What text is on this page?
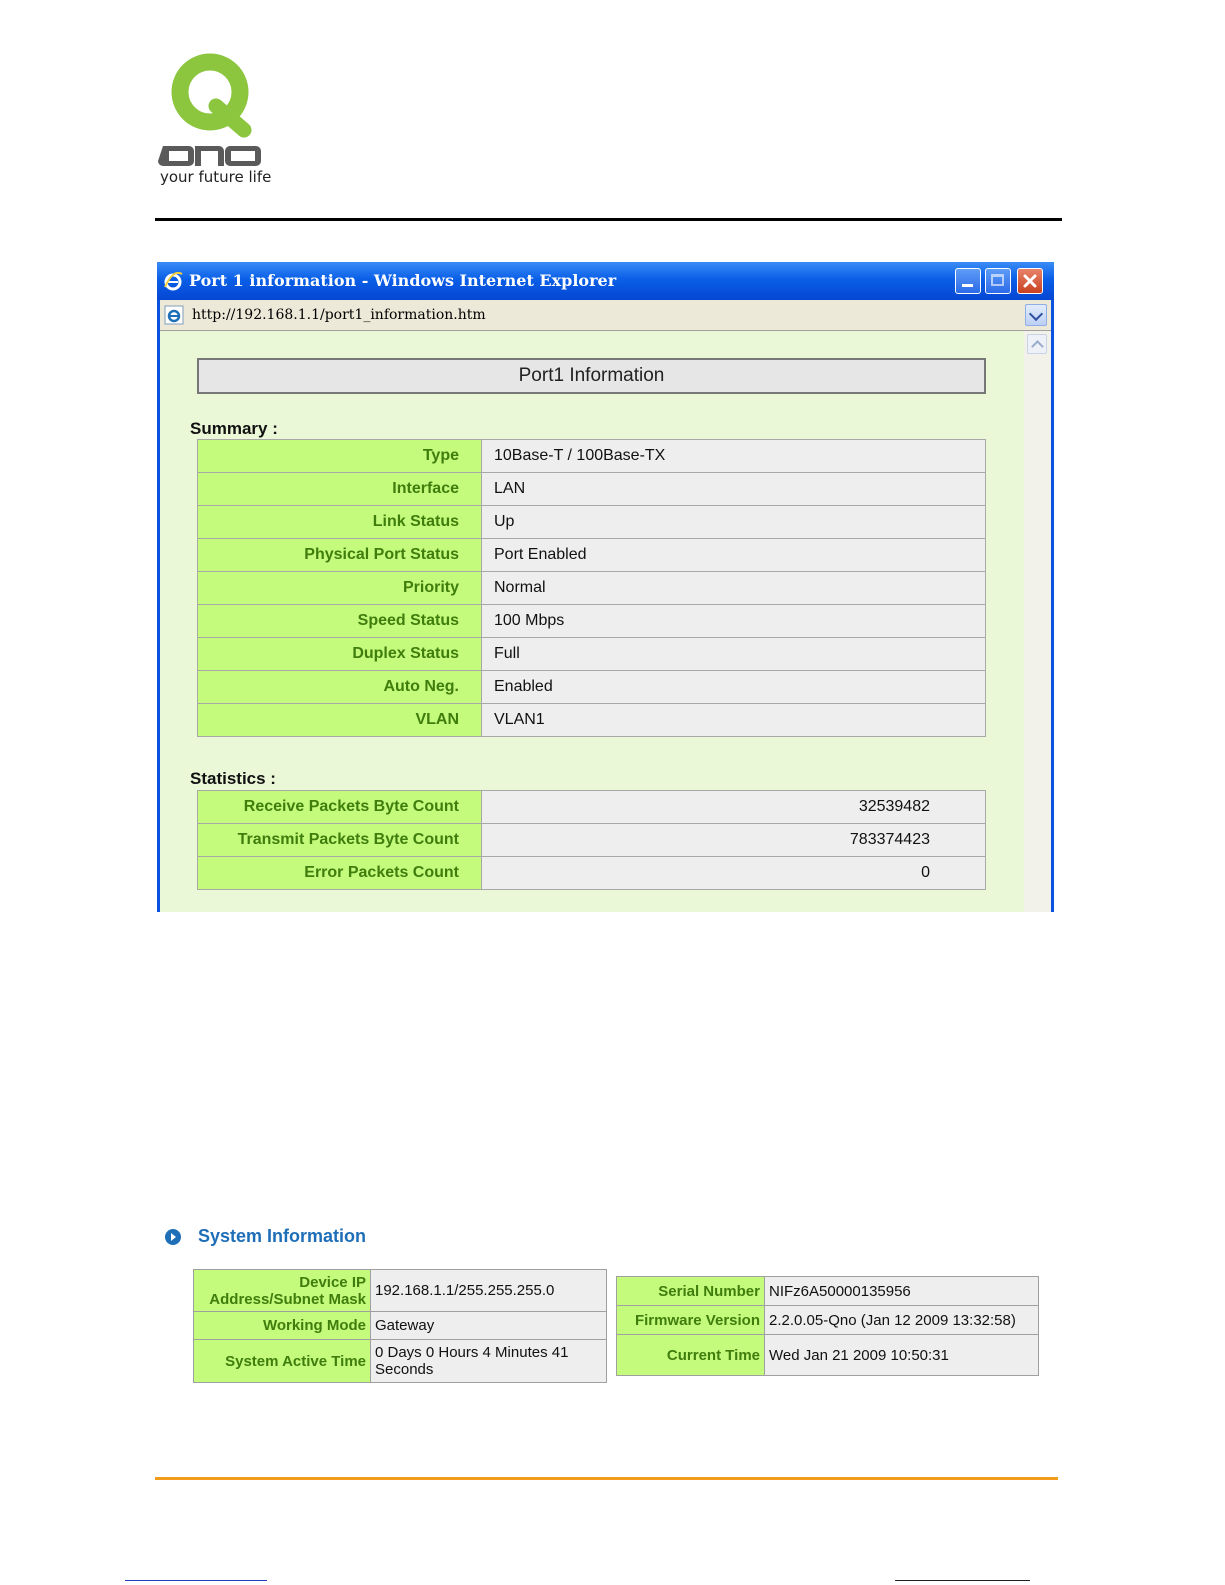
your future life
Port 1 information - Windows Internet Explorer
http://192.168.1.1/port1_information.htm
Port1 Information
Summary :
Type	10Base-T / 100Base-TX
Interface	LAN
Link Status	Up
Physical Port Status	Port Enabled
Priority	Normal
Speed Status	100 Mbps
Duplex Status	Full
Auto Neg.	Enabled
VLAN	VLAN1
Statistics :
Receive Packets Byte Count	32539482
Transmit Packets Byte Count	783374423
Error Packets Count	0
System Information
Device IP Address/Subnet Mask	192.168.1.1/255.255.255.0
Working Mode	Gateway
System Active Time	0 Days 0 Hours 4 Minutes 41 Seconds
Serial Number	NIFz6A50000135956
Firmware Version	2.2.0.05-Qno (Jan 12 2009 13:32:58)
Current Time	Wed Jan 21 2009 10:50:31
